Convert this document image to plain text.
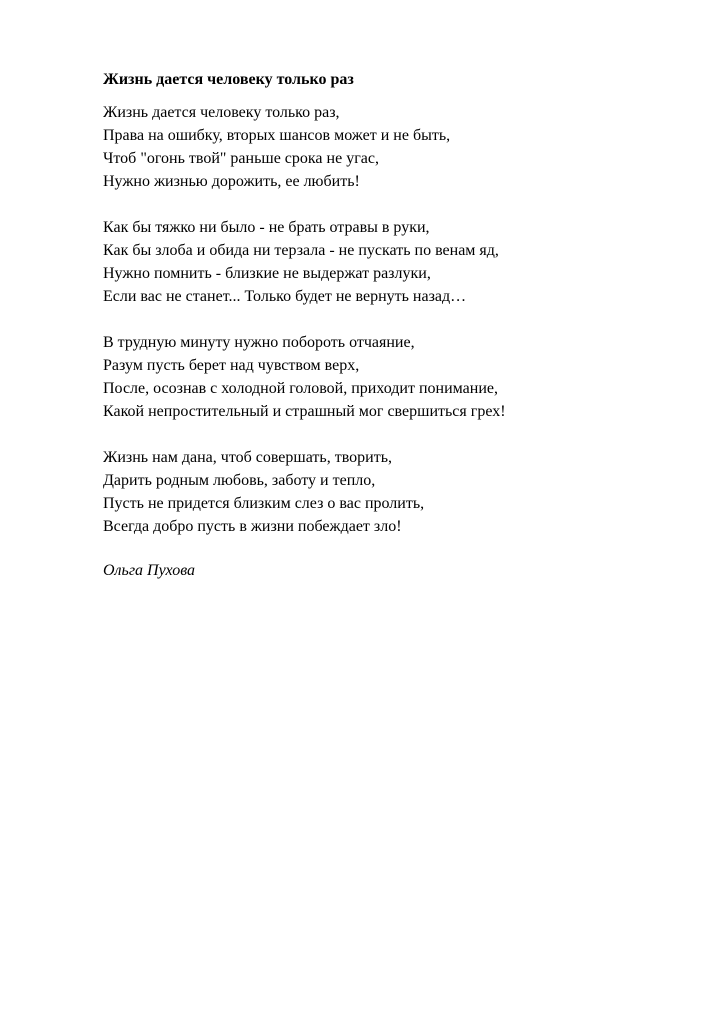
Жизнь дается человеку только раз
Жизнь дается человеку только раз,
Права на ошибку, вторых шансов может и не быть,
Чтоб "огонь твой" раньше срока не угас,
Нужно жизнью дорожить, ее любить!
Как бы тяжко ни было - не брать отравы в руки,
Как бы злоба и обида ни терзала - не пускать по венам яд,
Нужно помнить - близкие не выдержат разлуки,
Если вас не станет... Только будет не вернуть назад…
В трудную минуту нужно побороть отчаяние,
Разум пусть берет над чувством верх,
После, осознав с холодной головой, приходит понимание,
Какой непростительный и страшный мог свершиться грех!
Жизнь нам дана, чтоб совершать, творить,
Дарить родным любовь, заботу и тепло,
Пусть не придется близким слез о вас пролить,
Всегда добро пусть в жизни побеждает зло!
Ольга Пухова
